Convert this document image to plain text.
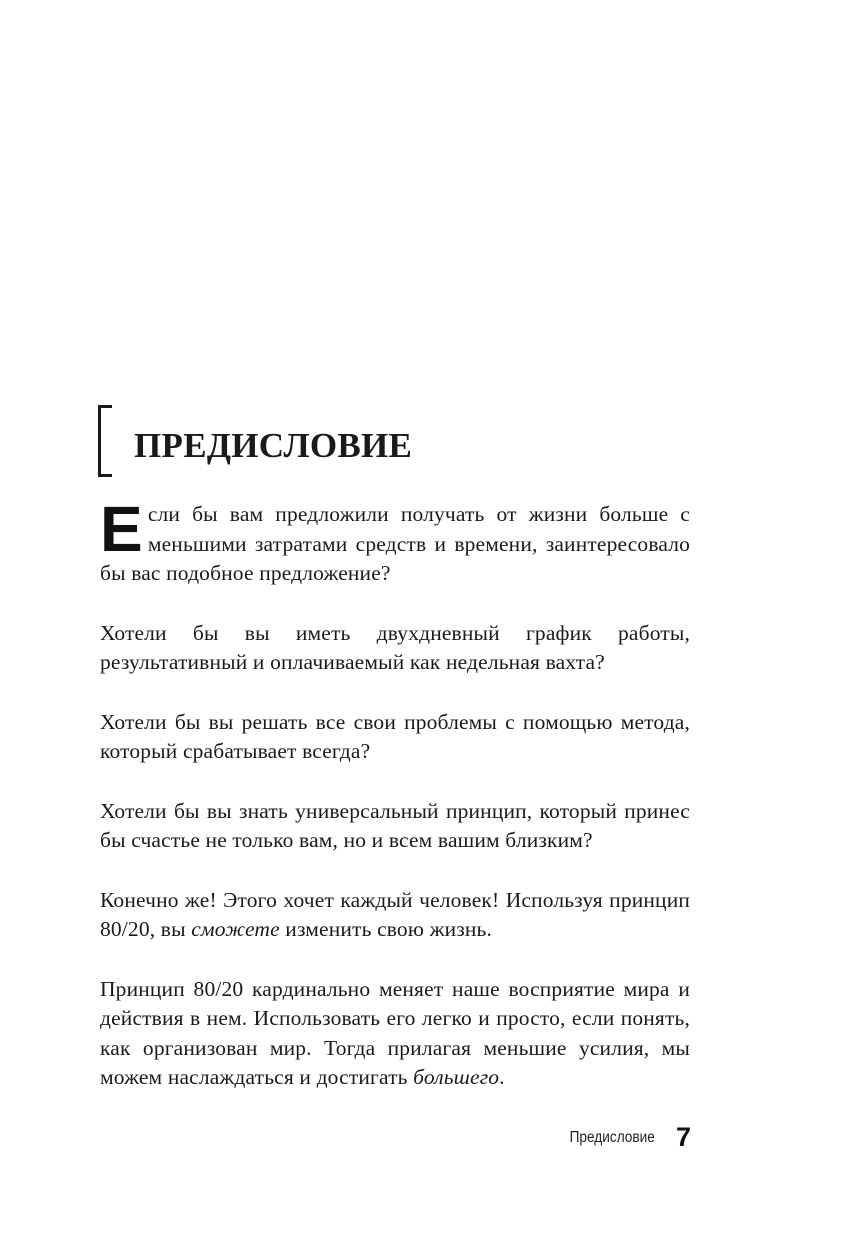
ПРЕДИСЛОВИЕ

Если бы вам предложили получать от жизни больше с меньшими затратами средств и времени, заинтересовало бы вас подобное предложение?

Хотели бы вы иметь двухдневный график работы, результативный и оплачиваемый как недельная вахта?

Хотели бы вы решать все свои проблемы с помощью метода, который срабатывает всегда?

Хотели бы вы знать универсальный принцип, который принес бы счастье не только вам, но и всем вашим близким?

Конечно же! Этого хочет каждый человек! Используя принцип 80/20, вы сможете изменить свою жизнь.

Принцип 80/20 кардинально меняет наше восприятие мира и действия в нем. Использовать его легко и просто, если понять, как организован мир. Тогда прилагая меньшие усилия, мы можем наслаждаться и достигать большего.

Предисловие 7
